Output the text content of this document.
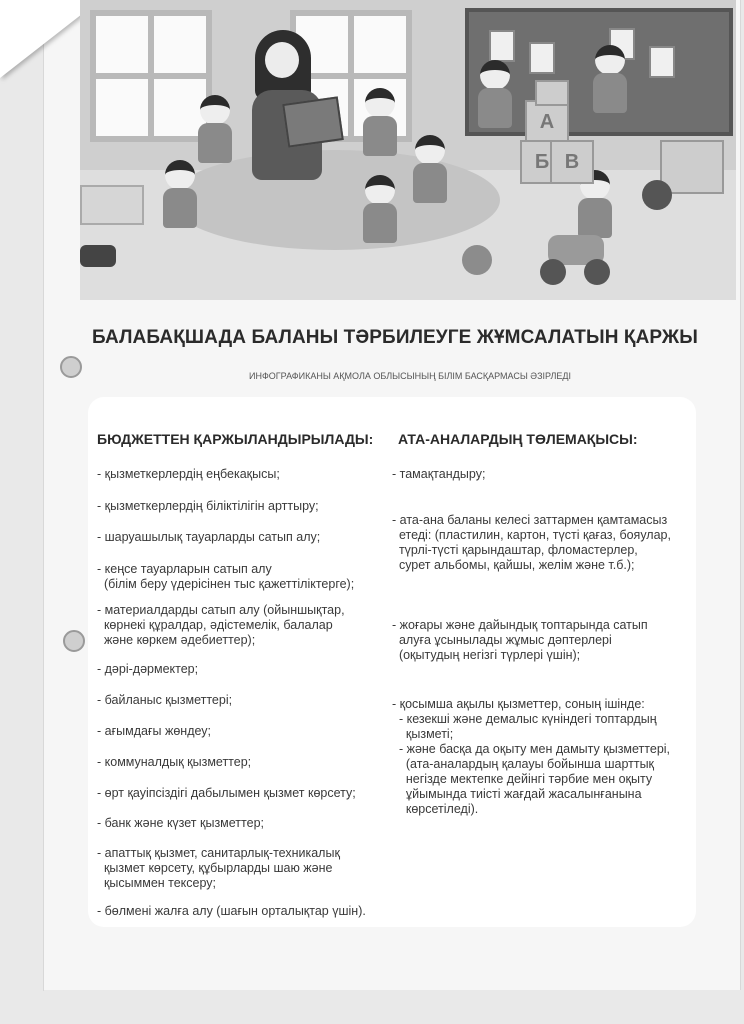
А
Б В
БАЛАБАҚШАДА БАЛАНЫ ТӘРБИЛЕУГЕ ЖҰМСАЛАТЫН ҚАРЖЫ
ИНФОГРАФИКАНЫ АҚМОЛА ОБЛЫСЫНЫҢ БІЛІМ БАСҚАРМАСЫ ӘЗІРЛЕДІ
БЮДЖЕТТЕН ҚАРЖЫЛАНДЫРЫЛАДЫ: АТА-АНАЛАРДЫҢ ТӨЛЕМАҚЫСЫ:
- қызметкерлердің еңбекақысы;
- қызметкерлердің біліктілігін арттыру;
- шаруашылық тауарларды сатып алу;
- кеңсе тауарларын сатып алу
(білім беру үдерісінен тыс қажеттіліктерге);
- материалдарды сатып алу (ойыншықтар,
көрнекі құралдар, әдістемелік, балалар
және көркем әдебиеттер);
- дәрі-дәрмектер;
- байланыс қызметтері;
- ағымдағы жөндеу;
- коммуналдық қызметтер;
- өрт қауіпсіздігі дабылымен қызмет көрсету;
- банк және күзет қызметтер;
- апаттық қызмет, санитарлық-техникалық
қызмет көрсету, құбырларды шаю және
қысыммен тексеру;
- бөлмені жалға алу (шағын орталықтар үшін).
- тамақтандыру;
- ата-ана баланы келесі заттармен қамтамасыз
етеді: (пластилин, картон, түсті қағаз, бояулар,
түрлі-түсті қарындаштар, фломастерлер,
сурет альбомы, қайшы, желім және т.б.);
- жоғары және дайындық топтарында сатып
алуға ұсынылады жұмыс дәптерлері
(оқытудың негізгі түрлері үшін);
- қосымша ақылы қызметтер, соның ішінде:
- кезекші және демалыс күніндегі топтардың
қызметі;
- және басқа да оқыту мен дамыту қызметтері,
(ата-аналардың қалауы бойынша шарттық
негізде мектепке дейінгі тәрбие мен оқыту
ұйымында тиісті жағдай жасалынғанына
көрсетіледі).
